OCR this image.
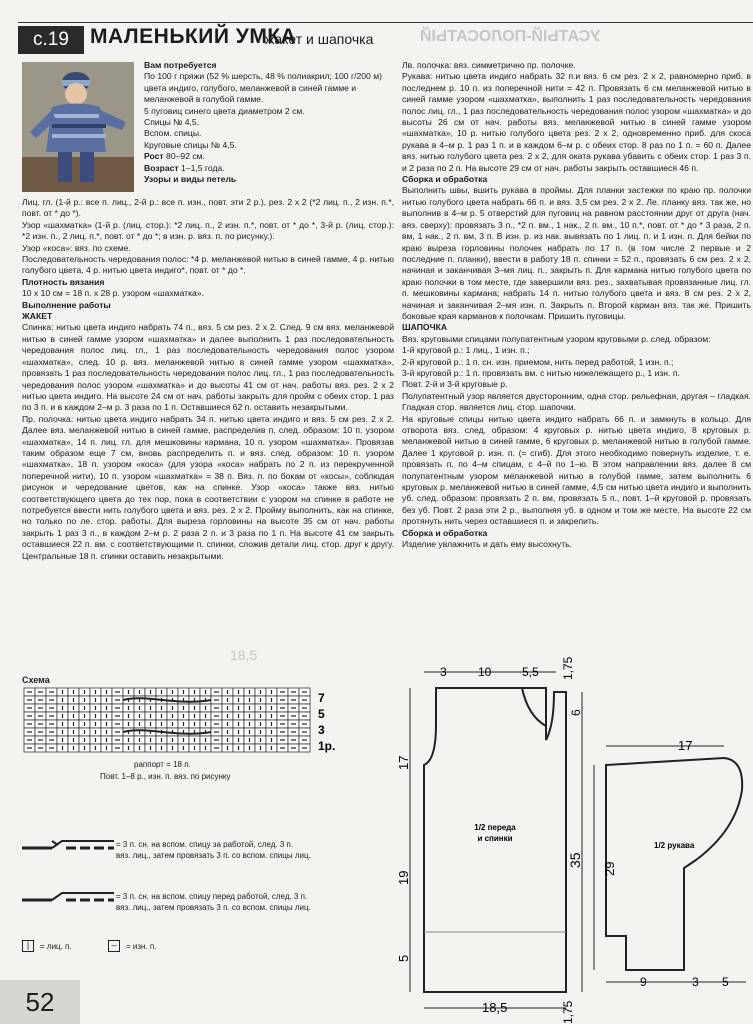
с.19	МАЛЕНЬКИЙ УМКА
жакет и шапочка	УСАТЫЙ-ПОЛОСАТЫЙ

Вам потребуется

По 100 г пряжи (52 % шерсть, 48 % полиакрил; 100 г/200 м) цвета индиго, голубого, меланжевой в синей гамме и меланжевой в голубой гамме.

5 пуговиц синего цвета диаметром 2 см.

Спицы № 4,5.

Вспом. спицы.

Круговые спицы № 4,5.

Рост 80–92 см.

Возраст 1–1,5 года.

Узоры и виды петель

Лиц. гл. (1-й р.: все п. лиц., 2-й р.: все п. изн., повт. эти 2 р.), рез. 2 х 2 (*2 лиц. п., 2 изн. п.*, повт. от * до *).

Узор «шахматка» (1-й р. (лиц. стор.): *2 лиц. п., 2 изн. п.*, повт. от * до *, 3-й р. (лиц. стор.): *2 изн. п., 2 лиц. п.*, повт. от * до *; в изн. р. вяз. п. по рисунку.).

Узор «коса»: вяз. по схеме.

Последовательность чередования полос: *4 р. меланжевой нитью в синей гамме, 4 р. нитью голубого цвета, 4 р. нитью цвета индиго*, повт. от * до *.

Плотность вязания

10 х 10 см = 18 п. х 28 р. узором «шахматка».

Выполнение работы

ЖАКЕТ

Спинка: нитью цвета индиго набрать 74 п., вяз. 5 см рез. 2 х 2. След. 9 см вяз. меланжевой нитью в синей гамме узором «шахматка» и далее выполнить 1 раз последовательность чередования полос лиц. гл., 1 раз последовательность чередования полос узором «шахматка», след. 10 р. вяз. меланжевой нитью в синей гамме узором «шахматка», провязать 1 раз последовательность чередования полос лиц. гл., 1 раз последовательность чередования полос узором «шахматка» и до высоты 41 см от нач. работы вяз. рез. 2 х 2 нитью цвета индиго. На высоте 24 см от нач. работы закрыть для пройм с обеих стор. 1 раз по 3 п. и в каждом 2–м р. 3 раза по 1 п. Оставшиеся 62 п. оставить незакрытыми.

Пр. полочка: нитью цвета индиго набрать 34 п. нитью цвета индиго и вяз. 5 см рез. 2 х 2. Далее вяз. меланжевой нитью в синей гамме, распределив п. след. образом: 10 п. узором «шахматка», 14 п. лиц. гл. для мешковины кармана, 10 п. узором «шахматка». Провязав таким образом еще 7 см, вновь распределить п. и вяз. след. образом: 10 п. узором «шахматка», 18 п. узором «коса» (для узора «коса» набрать по 2 п. из перекрученной поперечной нити), 10 п. узором «шахматка» = 38 п. Вяз. п. по бокам от «косы», соблюдая рисунок и чередование цветов, как на спинке. Узор «коса» также вяз. нитью соответствующего цвета до тех пор, пока в соответствии с узором на спинке в работе не потребуется ввести нить голубого цвета и вяз. рез. 2 х 2. Пройму выполнить, как на спинке, но только по ле. стор. работы. Для выреза горловины на высоте 35 см от нач. работы закрыть 1 раз 3 п., в каждом 2–м р. 2 раза 2 п. и 3 раза по 1 п. На высоте 41 см закрыть оставшиеся 22 п. вм. с соответствующими п. спинки, сложив детали лиц. стор. друг к другу. Центральные 18 п. спинки оставить незакрытыми.

Лв. полочка: вяз. симметрично пр. полочке.

Рукава: нитью цвета индиго набрать 32 п.и вяз. 6 см рез. 2 х 2, равномерно приб. в последнем р. 10 п. из поперечной нити = 42 п. Провязать 6 см меланжевой нитью в синей гамме узором «шахматка», выполнить 1 раз последовательность чередования полос лиц. гл., 1 раз последовательность чередования полос узором «шахматка» и до высоты 26 см от нач. работы вяз. меланжевой нитью в синей гамме узором «шахматка», 10 р. нитью голубого цвета рез. 2 х 2, одновременно приб. для скоса рукава в 4–м р. 1 раз 1 п. и в каждом 6–м р. с обеих стор. 8 раз по 1 п. = 60 п. Далее вяз. нитью голубого цвета рез. 2 х 2, для оката рукава убавить с обеих стор. 1 раз 3 п. и 2 раза по 2 п. На высоте 29 см от нач. работы закрыть оставшиеся 46 п.

Сборка и обработка

Выполнить швы, вшить рукава в проймы. Для планки застежки по краю пр. полочки нитью голубого цвета набрать 66 п. и вяз. 3,5 см рез. 2 х 2. Ле. планку вяз. так же, но выполнив в 4–м р. 5 отверстий для пуговиц на равном расстоянии друг от друга (нач. вяз. сверху): провязать 3 п., *2 п. вм., 1 нак., 2 п. вм., 10 п.*, повт. от * до * 3 раза, 2 п. вм, 1 нак., 2 п. вм, 3 п. В изн. р. из нак. вывязать по 1 лиц. п. и 1 изн. п. Для бейки по краю выреза горловины полочек набрать по 17 п. (в том числе 2 первые и 2 последние п. планки), ввести в работу 18 п. спинки = 52 п., провязать 6 см рез. 2 х 2, начиная и заканчивая 3–мя лиц. п., закрыть п. Для кармана нитью голубого цвета по краю полочки в том месте, где завершили вяз. рез., захватывая провязанные лиц. гл. п. мешковины кармана; набрать 14 п. нитью голубого цвета и вяз. 8 см рез. 2 х 2, начиная и заканчивая 2–мя изн. п. Закрыть п. Второй карман вяз. так же. Пришить боковые края карманов к полочкам. Пришить пуговицы.

ШАПОЧКА

Вяз. круговыми спицами полупатентным узором круговыми р. след. образом:

1-й круговой р.: 1 лиц., 1 изн. п.;

2-й круговой р.: 1 п. сн. изн. приемом, нить перед работой, 1 изн. п.;

3-й круговой р.: 1 п. провязать вм. с нитью нижележащего р., 1 изн. п.

Повт. 2-й и 3-й круговые р.

Полупатентный узор является двусторонним, одна стор. рельефная, другая – гладкая. Гладкая стор. является лиц. стор. шапочки.

На круговые спицы нитью цвета индиго набрать 66 п. и замкнуть в кольцо. Для отворота вяз. след. образом: 4 круговых р. нитью цвета индиго, 8 круговых р. меланжевой нитью в синей гамме, 6 круговых р. меланжевой нитью в голубой гамме. Далее 1 круговой р. изн. п. (= сгиб). Для этого необходимо повернуть изделие, т. е. провязать п. по 4–м спицам, с 4–й по 1–ю. В этом направлении вяз. далее 8 см полупатентным узором меланжевой нитью в голубой гамме, затем выполнить 6 круговых р. меланжевой нитью в синей гамме, 4,5 см нитью цвета индиго и выполнить уб. след. образом: провязать 2 п. вм, провязать 5 п., повт. 1–й круговой р. провязать без уб. Повт. 2 раза эти 2 р., выполняя уб. в одном и том же месте. На высоте 22 см протянуть нить через оставшиеся п. и закрепить.

Сборка и обработка

Изделие увлажнить и дать ему высохнуть.

Схема
7
5
3
1р.
раппорт = 18 п.
Повт. 1–8 р., изн. п. вяз. по рисунку
= 3 п. сн. на вспом. спицу за работой, след. 3 п.
вяз. лиц., затем провязать 3 п. со вспом. спицы лиц.
= 3 п. сн. на вспом. спицу перед работой, след. 3 п.
вяз. лиц., затем провязать 3 п. со вспом. спицы лиц.
|	= лиц. п.	–	= изн. п.
52
18,5
3	10	5,5 1,75
6
17
19
5
35
1/2 переда
и спинки
18,5	1,75
17
29
1/2 рукава
9	3 5
